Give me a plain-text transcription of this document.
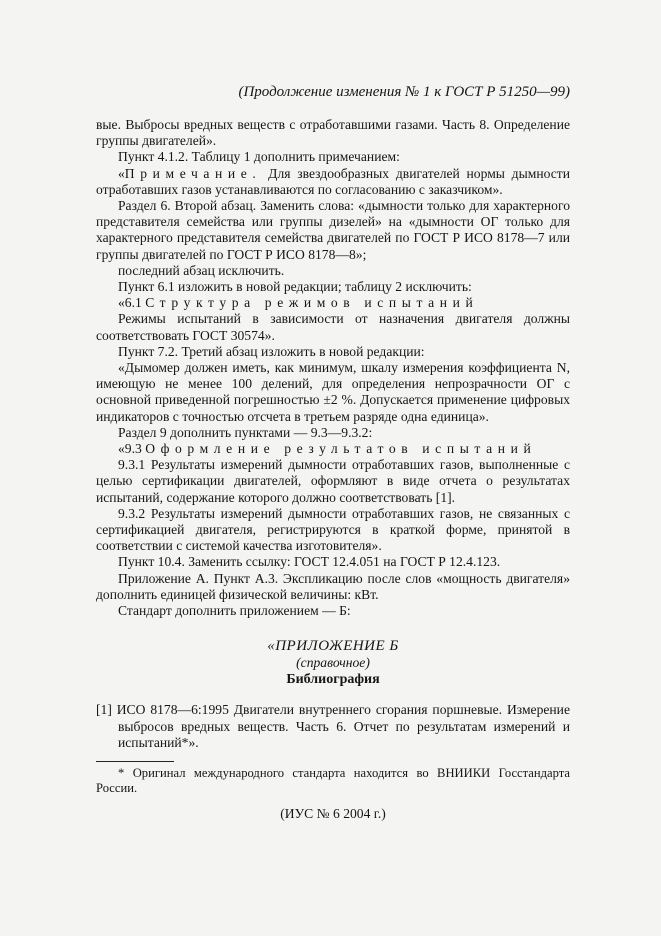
(Продолжение изменения № 1 к ГОСТ Р 51250—99)

вые. Выбросы вредных веществ с отработавшими газами. Часть 8. Определение группы двигателей».

Пункт 4.1.2. Таблицу 1 дополнить примечанием:

«Примечание. Для звездообразных двигателей нормы дымности отработавших газов устанавливаются по согласованию с заказчиком».

Раздел 6. Второй абзац. Заменить слова: «дымности только для характерного представителя семейства или группы дизелей» на «дымности ОГ только для характерного представителя семейства двигателей по ГОСТ Р ИСО 8178—7 или группы двигателей по ГОСТ Р ИСО 8178—8»;

последний абзац исключить.

Пункт 6.1 изложить в новой редакции; таблицу 2 исключить:

«6.1 Структура режимов испытаний

Режимы испытаний в зависимости от назначения двигателя должны соответствовать ГОСТ 30574».

Пункт 7.2. Третий абзац изложить в новой редакции:

«Дымомер должен иметь, как минимум, шкалу измерения коэффициента N, имеющую не менее 100 делений, для определения непрозрачности ОГ с основной приведенной погрешностью ±2 %. Допускается применение цифровых индикаторов с точностью отсчета в третьем разряде одна единица».

Раздел 9 дополнить пунктами — 9.3—9.3.2:

«9.3 Оформление результатов испытаний

9.3.1 Результаты измерений дымности отработавших газов, выполненные с целью сертификации двигателей, оформляют в виде отчета о результатах испытаний, содержание которого должно соответствовать [1].

9.3.2 Результаты измерений дымности отработавших газов, не связанных с сертификацией двигателя, регистрируются в краткой форме, принятой в соответствии с системой качества изготовителя».

Пункт 10.4. Заменить ссылку: ГОСТ 12.4.051 на ГОСТ Р 12.4.123.

Приложение А. Пункт А.3. Экспликацию после слов «мощность двигателя» дополнить единицей физической величины: кВт.

Стандарт дополнить приложением — Б:

«ПРИЛОЖЕНИЕ Б
(справочное)
Библиография

[1] ИСО 8178—6:1995 Двигатели внутреннего сгорания поршневые. Измерение выбросов вредных веществ. Часть 6. Отчет по результатам измерений и испытаний*».

* Оригинал международного стандарта находится во ВНИИКИ Госстандарта России.

(ИУС № 6 2004 г.)
